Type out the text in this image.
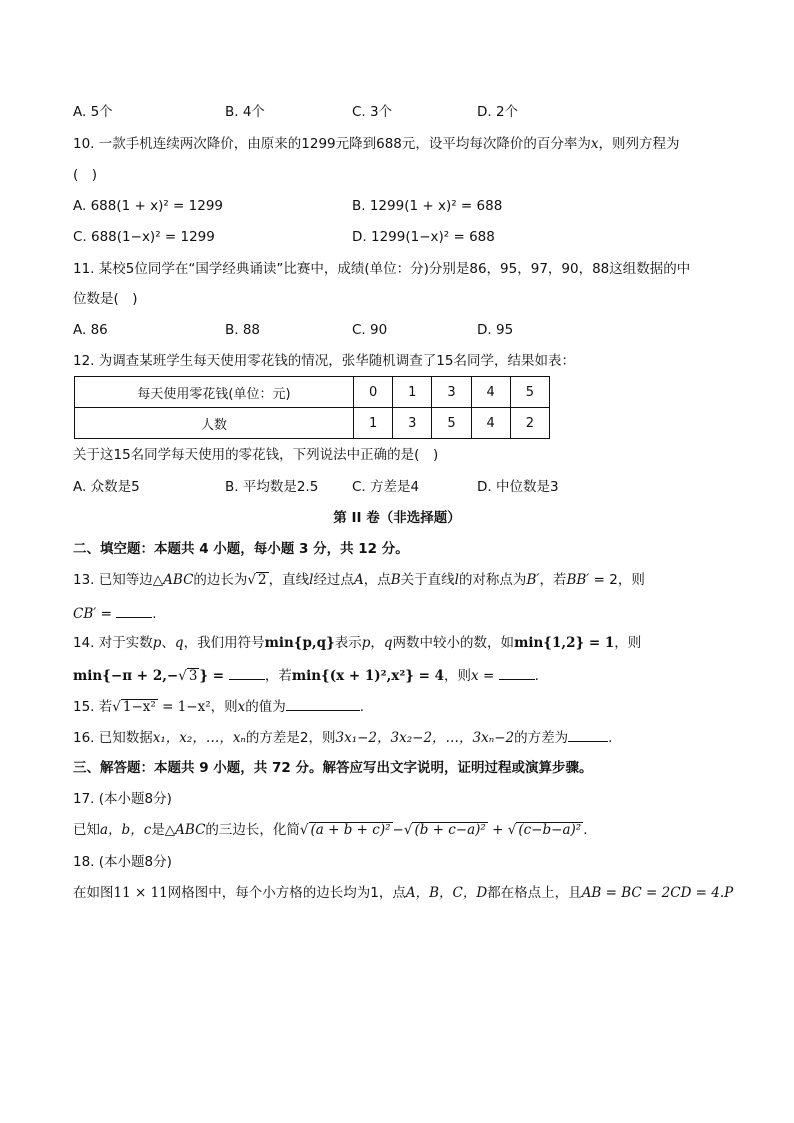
A. 5个	B. 4个	C. 3个	D. 2个
10. 一款手机连续两次降价，由原来的1299元降到688元，设平均每次降价的百分率为x，则列方程为
(　)
A. 688(1 + x)² = 1299	B. 1299(1 + x)² = 688
C. 688(1−x)² = 1299	D. 1299(1−x)² = 688
11. 某校5位同学在“国学经典诵读”比赛中，成绩(单位：分)分别是86，95，97，90，88这组数据的中
位数是(　)
A. 86	B. 88	C. 90	D. 95
12. 为调查某班学生每天使用零花钱的情况，张华随机调查了15名同学，结果如表：
每天使用零花钱(单位：元)	0	1	3	4	5
人数	1	3	5	4	2
关于这15名同学每天使用的零花钱，下列说法中正确的是(　)
A. 众数是5	B. 平均数是2.5 C. 方差是4	D. 中位数是3
第 II 卷（非选择题）
二、填空题：本题共 4 小题，每小题 3 分，共 12 分。
13. 已知等边△ABC的边长为√ 2 ，直线l经过点A，点B关于直线l的对称点为B′，若BB′ = 2，则
CB′ =	.
14. 对于实数p、q，我们用符号min{p,q}表示p，q两数中较小的数，如min{1,2} = 1，则
min{−π + 2,−√ 3 } =	，若min{(x + 1)²,x²} = 4，则x =	.
15. 若√ 1−x² = 1−x²，则x的值为	.
16. 已知数据x₁，x₂，…，xₙ的方差是2，则3x₁−2，3x₂−2，…，3xₙ−2的方差为	.
三、解答题：本题共 9 小题，共 72 分。解答应写出文字说明，证明过程或演算步骤。
17. (本小题8分)
已知a，b，c是△ABC的三边长，化简√ (a + b + c)² −√ (b + c−a)² + √ (c−b−a)² .
18. (本小题8分)
在如图11 × 11网格图中，每个小方格的边长均为1，点A，B，C，D都在格点上，且AB = BC = 2CD = 4.P
